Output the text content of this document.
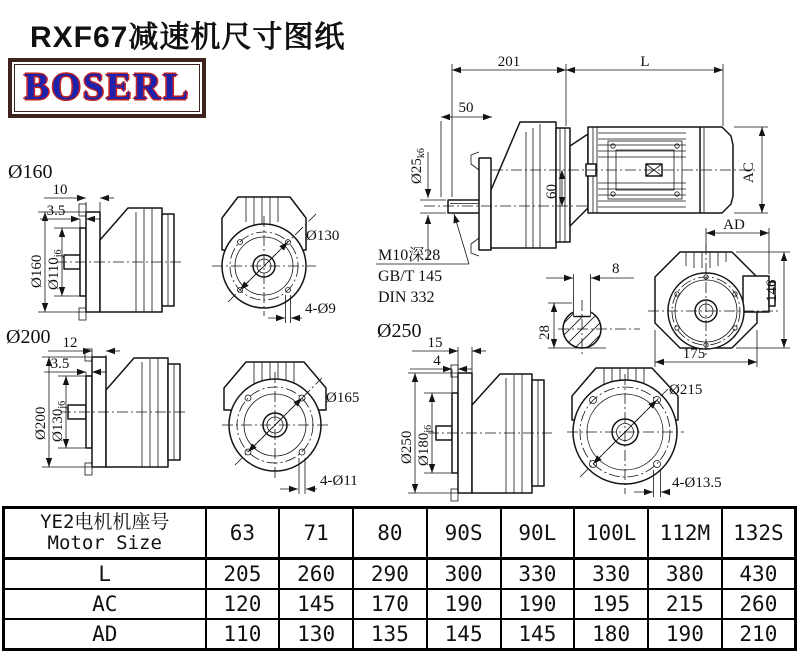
RXF67减速机尺寸图纸
BOSERL
201	L
50
$Ø25_{k6}$
60
AC
M10深28
GB/T 145
DIN 332
8
28
AD
146
175
Ø160
10
3.5
Ø160 $Ø110_{j6}$
Ø130
4-Ø9
Ø200 12
3.5
Ø200 $Ø130_{j6}$	Ø165
4-Ø11
Ø250
15
4
Ø250 $Ø180_{j6}$
Ø215
4-Ø13.5
YE2电机机座号
Motor Size	63	71	80	90S	90L	100L	112M	132S
L	205	260	290	300	330	330	380	430
AC	120	145	170	190	190	195	215	260
AD	110	130	135	145	145	180	190	210
